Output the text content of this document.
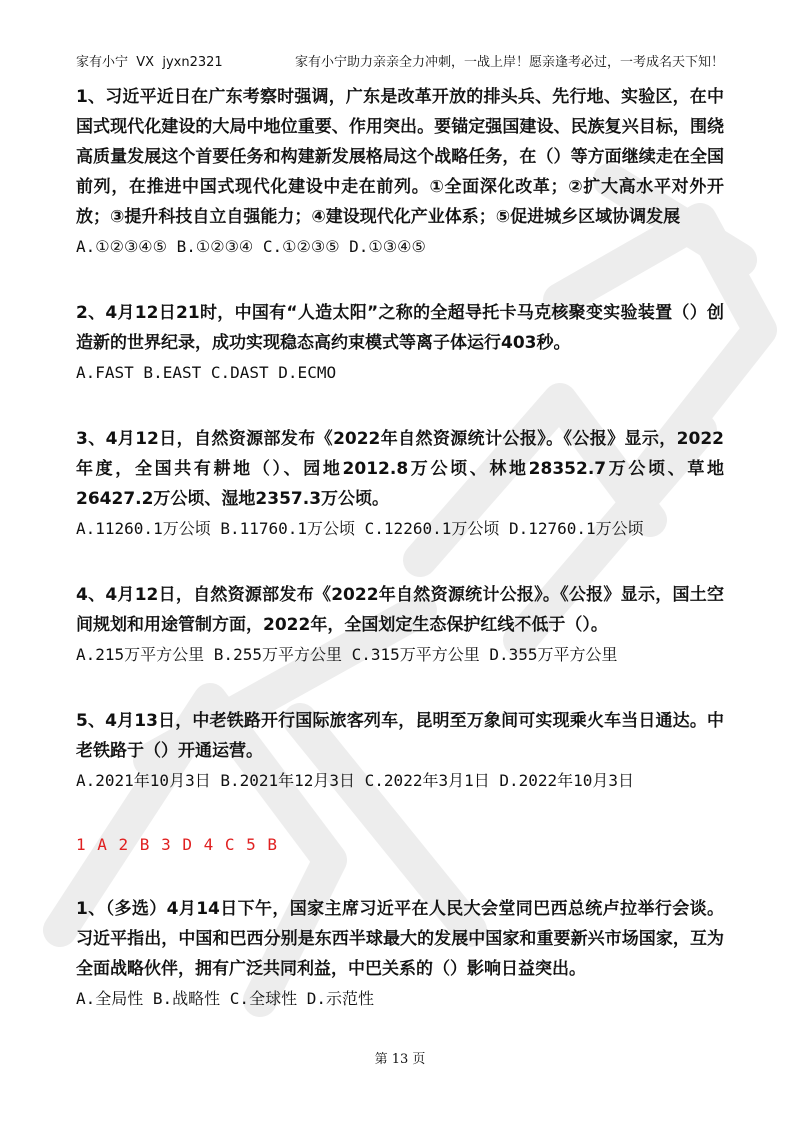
家有小宁  VX  jyxn2321	家有小宁助力亲亲全力冲刺，一战上岸！愿亲逢考必过，一考成名天下知！
1、习近平近日在广东考察时强调，广东是改革开放的排头兵、先行地、实验区，在中国式现代化建设的大局中地位重要、作用突出。要锚定强国建设、民族复兴目标，围绕高质量发展这个首要任务和构建新发展格局这个战略任务，在（）等方面继续走在全国前列，在推进中国式现代化建设中走在前列。①全面深化改革；②扩大高水平对外开放；③提升科技自立自强能力；④建设现代化产业体系；⑤促进城乡区域协调发展
A.①②③④⑤ B.①②③④ C.①②③⑤ D.①③④⑤
2、4月12日21时，中国有“人造太阳”之称的全超导托卡马克核聚变实验装置（）创造新的世界纪录，成功实现稳态高约束模式等离子体运行403秒。
A.FAST B.EAST C.DAST D.ECMO
3、4月12日，自然资源部发布《2022年自然资源统计公报》。《公报》显示，2022年度，全国共有耕地（）、园地2012.8万公顷、林地28352.7万公顷、草地26427.2万公顷、湿地2357.3万公顷。
A.11260.1万公顷 B.11760.1万公顷 C.12260.1万公顷 D.12760.1万公顷
4、4月12日，自然资源部发布《2022年自然资源统计公报》。《公报》显示，国土空间规划和用途管制方面，2022年，全国划定生态保护红线不低于（）。
A.215万平方公里 B.255万平方公里 C.315万平方公里 D.355万平方公里
5、4月13日，中老铁路开行国际旅客列车，昆明至万象间可实现乘火车当日通达。中老铁路于（）开通运营。
A.2021年10月3日 B.2021年12月3日 C.2022年3月1日 D.2022年10月3日
1 A 2 B 3 D 4 C 5 B
1、（多选）4月14日下午，国家主席习近平在人民大会堂同巴西总统卢拉举行会谈。习近平指出，中国和巴西分别是东西半球最大的发展中国家和重要新兴市场国家，互为全面战略伙伴，拥有广泛共同利益，中巴关系的（）影响日益突出。
A.全局性 B.战略性 C.全球性 D.示范性
第 13 页
